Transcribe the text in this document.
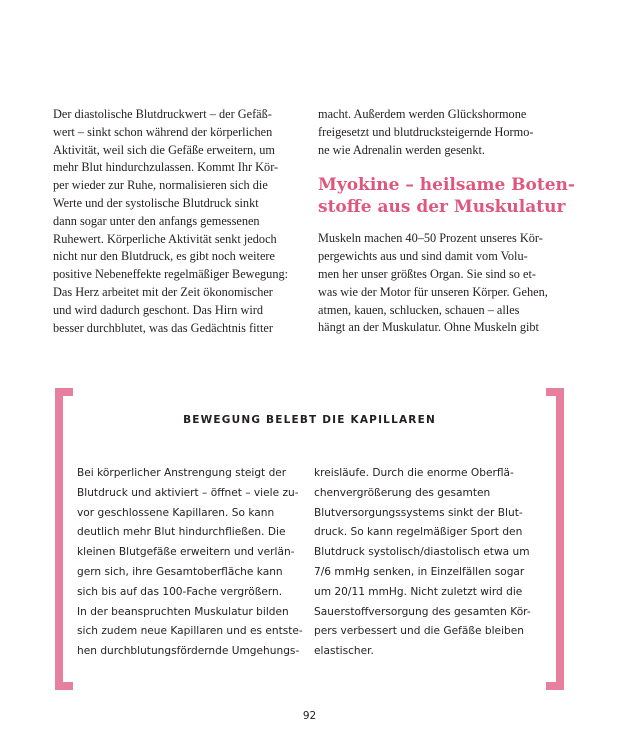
Der diastolische Blutdruckwert – der Gefäß-

wert – sinkt schon während der körperlichen

Aktivität, weil sich die Gefäße erweitern, um

mehr Blut hindurchzulassen. Kommt Ihr Kör-

per wieder zur Ruhe, normalisieren sich die

Werte und der systolische Blutdruck sinkt

dann sogar unter den anfangs gemessenen

Ruhewert. Körperliche Aktivität senkt jedoch

nicht nur den Blutdruck, es gibt noch weitere

positive Nebeneffekte regelmäßiger Bewegung:

Das Herz arbeitet mit der Zeit ökonomischer

und wird dadurch geschont. Das Hirn wird

besser durchblutet, was das Gedächtnis fitter

macht. Außerdem werden Glückshormone

freigesetzt und blutdrucksteigernde Hormo-

ne wie Adrenalin werden gesenkt.

Myokine – heilsame Boten-

stoffe aus der Muskulatur

Muskeln machen 40–50 Prozent unseres Kör-

pergewichts aus und sind damit vom Volu-

men her unser größtes Organ. Sie sind so et-

was wie der Motor für unseren Körper. Gehen,

atmen, kauen, schlucken, schauen – alles

hängt an der Muskulatur. Ohne Muskeln gibt

BEWEGUNG BELEBT DIE KAPILLAREN

Bei körperlicher Anstrengung steigt der

Blutdruck und aktiviert – öffnet – viele zu-

vor geschlossene Kapillaren. So kann

deutlich mehr Blut hindurchfließen. Die

kleinen Blutgefäße erweitern und verlän-

gern sich, ihre Gesamtoberfläche kann

sich bis auf das 100-Fache vergrößern.

In der beanspruchten Muskulatur bilden

sich zudem neue Kapillaren und es entste-

hen durchblutungsfördernde Umgehungs-

kreisläufe. Durch die enorme Oberflä-

chenvergrößerung des gesamten

Blutversorgungssystems sinkt der Blut-

druck. So kann regelmäßiger Sport den

Blutdruck systolisch/diastolisch etwa um

7/6 mmHg senken, in Einzelfällen sogar

um 20/11 mmHg. Nicht zuletzt wird die

Sauerstoffversorgung des gesamten Kör-

pers verbessert und die Gefäße bleiben

elastischer.

92
